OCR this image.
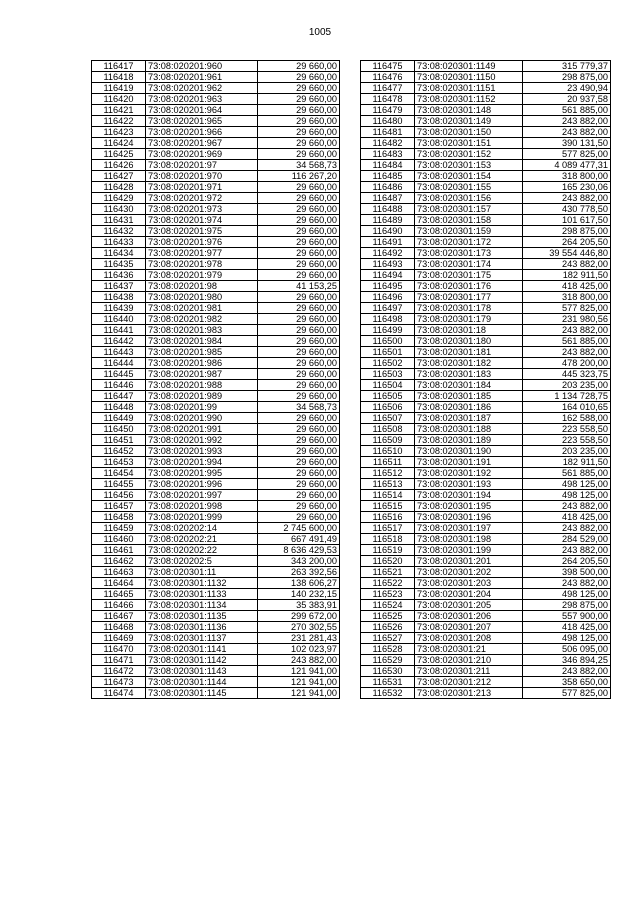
1005
116417	73:08:020201:960	29 660,00
116418	73:08:020201:961	29 660,00
116419	73:08:020201:962	29 660,00
116420	73:08:020201:963	29 660,00
116421	73:08:020201:964	29 660,00
116422	73:08:020201:965	29 660,00
116423	73:08:020201:966	29 660,00
116424	73:08:020201:967	29 660,00
116425	73:08:020201:969	29 660,00
116426	73:08:020201:97	34 568,73
116427	73:08:020201:970	116 267,20
116428	73:08:020201:971	29 660,00
116429	73:08:020201:972	29 660,00
116430	73:08:020201:973	29 660,00
116431	73:08:020201:974	29 660,00
116432	73:08:020201:975	29 660,00
116433	73:08:020201:976	29 660,00
116434	73:08:020201:977	29 660,00
116435	73:08:020201:978	29 660,00
116436	73:08:020201:979	29 660,00
116437	73:08:020201:98	41 153,25
116438	73:08:020201:980	29 660,00
116439	73:08:020201:981	29 660,00
116440	73:08:020201:982	29 660,00
116441	73:08:020201:983	29 660,00
116442	73:08:020201:984	29 660,00
116443	73:08:020201:985	29 660,00
116444	73:08:020201:986	29 660,00
116445	73:08:020201:987	29 660,00
116446	73:08:020201:988	29 660,00
116447	73:08:020201:989	29 660,00
116448	73:08:020201:99	34 568,73
116449	73:08:020201:990	29 660,00
116450	73:08:020201:991	29 660,00
116451	73:08:020201:992	29 660,00
116452	73:08:020201:993	29 660,00
116453	73:08:020201:994	29 660,00
116454	73:08:020201:995	29 660,00
116455	73:08:020201:996	29 660,00
116456	73:08:020201:997	29 660,00
116457	73:08:020201:998	29 660,00
116458	73:08:020201:999	29 660,00
116459	73:08:020202:14	2 745 600,00
116460	73:08:020202:21	667 491,49
116461	73:08:020202:22	8 636 429,53
116462	73:08:020202:5	343 200,00
116463	73:08:020301:11	263 392,56
116464	73:08:020301:1132	138 606,27
116465	73:08:020301:1133	140 232,15
116466	73:08:020301:1134	35 383,91
116467	73:08:020301:1135	299 672,00
116468	73:08:020301:1136	270 302,55
116469	73:08:020301:1137	231 281,43
116470	73:08:020301:1141	102 023,97
116471	73:08:020301:1142	243 882,00
116472	73:08:020301:1143	121 941,00
116473	73:08:020301:1144	121 941,00
116474	73:08:020301:1145	121 941,00
116475	73:08:020301:1149	315 779,37
116476	73:08:020301:1150	298 875,00
116477	73:08:020301:1151	23 490,94
116478	73:08:020301:1152	20 937,58
116479	73:08:020301:148	561 885,00
116480	73:08:020301:149	243 882,00
116481	73:08:020301:150	243 882,00
116482	73:08:020301:151	390 131,50
116483	73:08:020301:152	577 825,00
116484	73:08:020301:153	4 089 477,31
116485	73:08:020301:154	318 800,00
116486	73:08:020301:155	165 230,06
116487	73:08:020301:156	243 882,00
116488	73:08:020301:157	430 778,50
116489	73:08:020301:158	101 617,50
116490	73:08:020301:159	298 875,00
116491	73:08:020301:172	264 205,50
116492	73:08:020301:173	39 554 446,80
116493	73:08:020301:174	243 882,00
116494	73:08:020301:175	182 911,50
116495	73:08:020301:176	418 425,00
116496	73:08:020301:177	318 800,00
116497	73:08:020301:178	577 825,00
116498	73:08:020301:179	231 980,56
116499	73:08:020301:18	243 882,00
116500	73:08:020301:180	561 885,00
116501	73:08:020301:181	243 882,00
116502	73:08:020301:182	478 200,00
116503	73:08:020301:183	445 323,75
116504	73:08:020301:184	203 235,00
116505	73:08:020301:185	1 134 728,75
116506	73:08:020301:186	164 010,65
116507	73:08:020301:187	162 588,00
116508	73:08:020301:188	223 558,50
116509	73:08:020301:189	223 558,50
116510	73:08:020301:190	203 235,00
116511	73:08:020301:191	182 911,50
116512	73:08:020301:192	561 885,00
116513	73:08:020301:193	498 125,00
116514	73:08:020301:194	498 125,00
116515	73:08:020301:195	243 882,00
116516	73:08:020301:196	418 425,00
116517	73:08:020301:197	243 882,00
116518	73:08:020301:198	284 529,00
116519	73:08:020301:199	243 882,00
116520	73:08:020301:201	264 205,50
116521	73:08:020301:202	398 500,00
116522	73:08:020301:203	243 882,00
116523	73:08:020301:204	498 125,00
116524	73:08:020301:205	298 875,00
116525	73:08:020301:206	557 900,00
116526	73:08:020301:207	418 425,00
116527	73:08:020301:208	498 125,00
116528	73:08:020301:21	506 095,00
116529	73:08:020301:210	346 894,25
116530	73:08:020301:211	243 882,00
116531	73:08:020301:212	358 650,00
116532	73:08:020301:213	577 825,00
